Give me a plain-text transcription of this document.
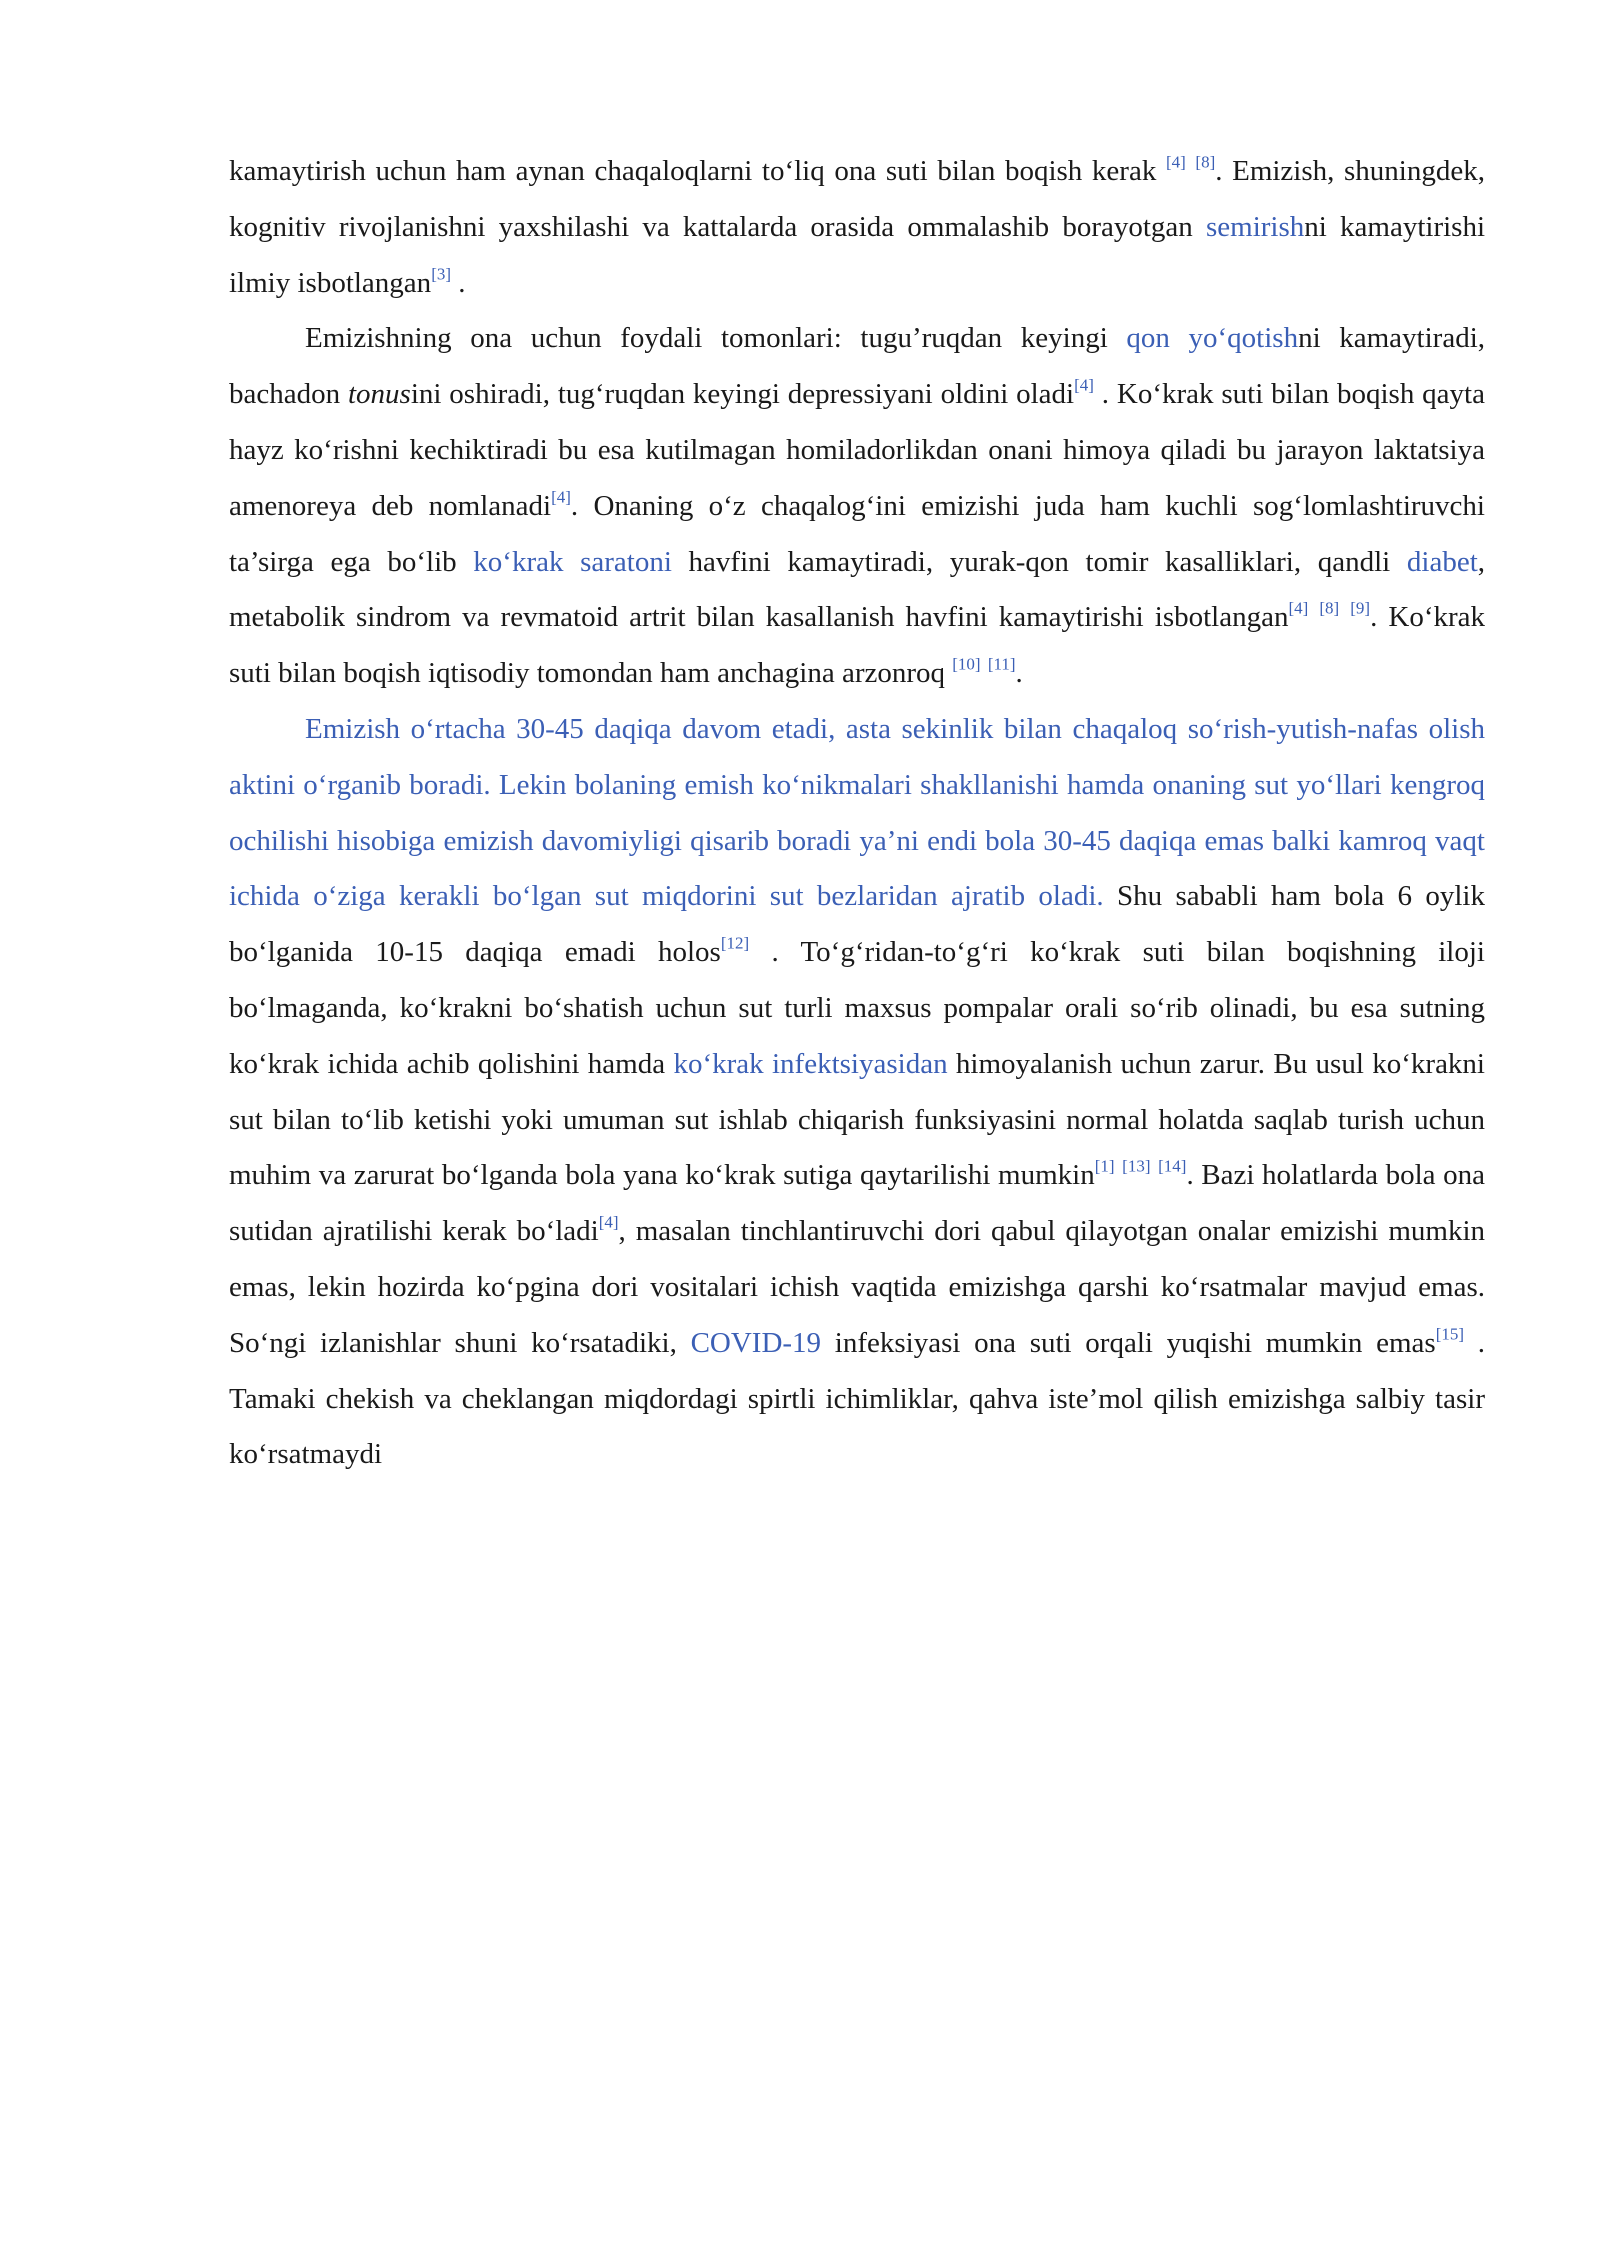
kamaytirish uchun ham aynan chaqaloqlarni to‘liq ona suti bilan boqish kerak [4] [8]. Emizish, shuningdek, kognitiv rivojlanishni yaxshilashi va kattalarda orasida ommalashib borayotgan semirishni kamaytirishi ilmiy isbotlangan[3] .

Emizishning ona uchun foydali tomonlari: tugu’ruqdan keyingi qon yo‘qotishni kamaytiradi, bachadon tonusini oshiradi, tug‘ruqdan keyingi depressiyani oldini oladi[4] . Ko‘krak suti bilan boqish qayta hayz ko‘rishni kechiktiradi bu esa kutilmagan homiladorlikdan onani himoya qiladi bu jarayon laktatsiya amenoreya deb nomlanadi[4]. Onaning o‘z chaqalog‘ini emizishi juda ham kuchli sog‘lomlashtiruvchi ta’sirga ega bo‘lib ko‘krak saratoni havfini kamaytiradi, yurak-qon tomir kasalliklari, qandli diabet, metabolik sindrom va revmatoid artrit bilan kasallanish havfini kamaytirishi isbotlangan[4] [8] [9]. Ko‘krak suti bilan boqish iqtisodiy tomondan ham anchagina arzonroq [10] [11].

Emizish o‘rtacha 30-45 daqiqa davom etadi, asta sekinlik bilan chaqaloq so‘rish-yutish-nafas olish aktini o‘rganib boradi. Lekin bolaning emish ko‘nikmalari shakllanishi hamda onaning sut yo‘llari kengroq ochilishi hisobiga emizish davomiyligi qisarib boradi ya’ni endi bola 30-45 daqiqa emas balki kamroq vaqt ichida o‘ziga kerakli bo‘lgan sut miqdorini sut bezlaridan ajratib oladi. Shu sababli ham bola 6 oylik bo‘lganida 10-15 daqiqa emadi holos[12] . To‘g‘ridan-to‘g‘ri ko‘krak suti bilan boqishning iloji bo‘lmaganda, ko‘krakni bo‘shatish uchun sut turli maxsus pompalar orali so‘rib olinadi, bu esa sutning ko‘krak ichida achib qolishini hamda ko‘krak infektsiyasidan himoyalanish uchun zarur. Bu usul ko‘krakni sut bilan to‘lib ketishi yoki umuman sut ishlab chiqarish funksiyasini normal holatda saqlab turish uchun muhim va zarurat bo‘lganda bola yana ko‘krak sutiga qaytarilishi mumkin[1] [13] [14]. Bazi holatlarda bola ona sutidan ajratilishi kerak bo‘ladi[4], masalan tinchlantiruvchi dori qabul qilayotgan onalar emizishi mumkin emas, lekin hozirda ko‘pgina dori vositalari ichish vaqtida emizishga qarshi ko‘rsatmalar mavjud emas. So‘ngi izlanishlar shuni ko‘rsatadiki, COVID-19 infeksiyasi ona suti orqali yuqishi mumkin emas[15] . Tamaki chekish va cheklangan miqdordagi spirtli ichimliklar, qahva iste’mol qilish emizishga salbiy tasir ko‘rsatmaydi
